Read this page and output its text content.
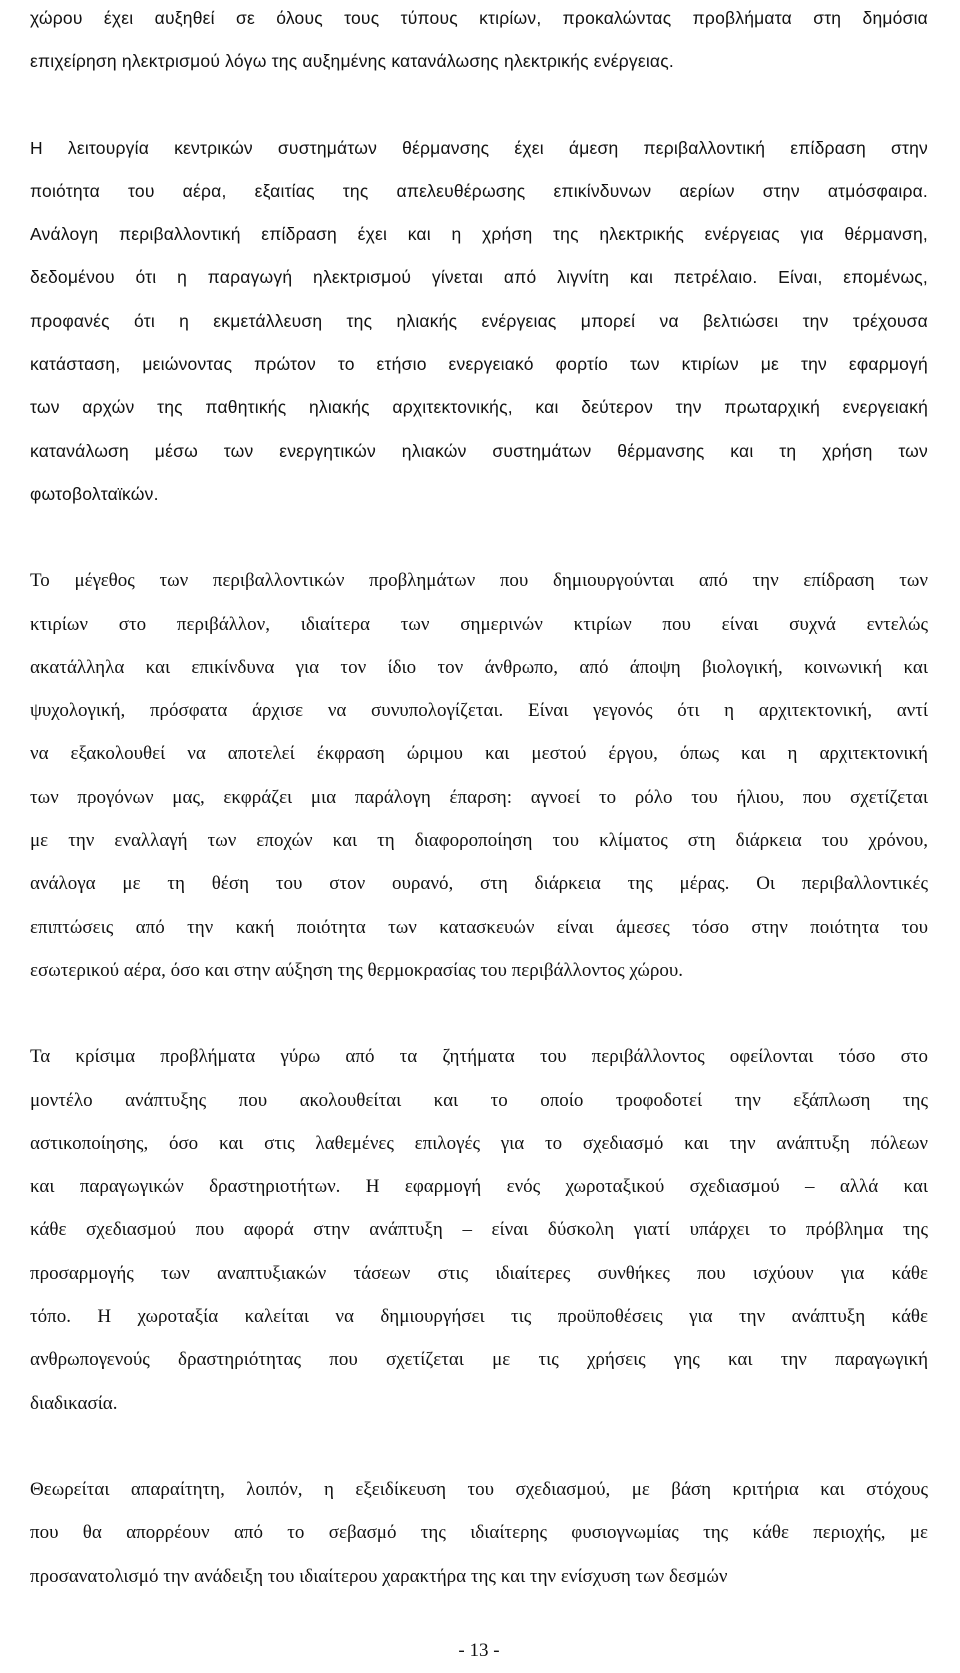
χώρου έχει αυξηθεί σε όλους τους τύπους κτιρίων, προκαλώντας προβλήματα στη δημόσια
επιχείρηση ηλεκτρισμού λόγω της αυξημένης κατανάλωσης ηλεκτρικής ενέργειας.
Η λειτουργία κεντρικών συστημάτων θέρμανσης έχει άμεση περιβαλλοντική επίδραση στην
ποιότητα του αέρα, εξαιτίας της απελευθέρωσης επικίνδυνων αερίων στην ατμόσφαιρα.
Ανάλογη περιβαλλοντική επίδραση έχει και η χρήση της ηλεκτρικής ενέργειας για θέρμανση,
δεδομένου ότι η παραγωγή ηλεκτρισμού γίνεται από λιγνίτη και πετρέλαιο. Είναι, επομένως,
προφανές ότι η εκμετάλλευση της ηλιακής ενέργειας μπορεί να βελτιώσει την τρέχουσα
κατάσταση, μειώνοντας πρώτον το ετήσιο ενεργειακό φορτίο των κτιρίων με την εφαρμογή
των αρχών της παθητικής ηλιακής αρχιτεκτονικής, και δεύτερον την πρωταρχική ενεργειακή
κατανάλωση μέσω των ενεργητικών ηλιακών συστημάτων θέρμανσης και τη χρήση των
φωτοβολταϊκών.
Το μέγεθος των περιβαλλοντικών προβλημάτων που δημιουργούνται από την επίδραση των
κτιρίων στο περιβάλλον, ιδιαίτερα των σημερινών κτιρίων που είναι συχνά εντελώς
ακατάλληλα και επικίνδυνα για τον ίδιο τον άνθρωπο, από άποψη βιολογική, κοινωνική και
ψυχολογική, πρόσφατα άρχισε να συνυπολογίζεται. Είναι γεγονός ότι η αρχιτεκτονική, αντί
να εξακολουθεί να αποτελεί έκφραση ώριμου και μεστού έργου, όπως και η αρχιτεκτονική
των προγόνων μας, εκφράζει μια παράλογη έπαρση: αγνοεί το ρόλο του ήλιου, που σχετίζεται
με την εναλλαγή των εποχών και τη διαφοροποίηση του κλίματος στη διάρκεια του χρόνου,
ανάλογα με τη θέση του στον ουρανό, στη διάρκεια της μέρας. Οι περιβαλλοντικές
επιπτώσεις από την κακή ποιότητα των κατασκευών είναι άμεσες τόσο στην ποιότητα του
εσωτερικού αέρα, όσο και στην αύξηση της θερμοκρασίας του περιβάλλοντος χώρου.
Τα κρίσιμα προβλήματα γύρω από τα ζητήματα του περιβάλλοντος οφείλονται τόσο στο
μοντέλο ανάπτυξης που ακολουθείται και το οποίο τροφοδοτεί την εξάπλωση της
αστικοποίησης, όσο και στις λαθεμένες επιλογές για το σχεδιασμό και την ανάπτυξη πόλεων
και παραγωγικών δραστηριοτήτων. Η εφαρμογή ενός χωροταξικού σχεδιασμού – αλλά και
κάθε σχεδιασμού που αφορά στην ανάπτυξη – είναι δύσκολη γιατί υπάρχει το πρόβλημα της
προσαρμογής των αναπτυξιακών τάσεων στις ιδιαίτερες συνθήκες που ισχύουν για κάθε
τόπο. Η χωροταξία καλείται να δημιουργήσει τις προϋποθέσεις για την ανάπτυξη κάθε
ανθρωπογενούς δραστηριότητας που σχετίζεται με τις χρήσεις γης και την παραγωγική
διαδικασία.
Θεωρείται απαραίτητη, λοιπόν, η εξειδίκευση του σχεδιασμού, με βάση κριτήρια και στόχους
που θα απορρέουν από το σεβασμό της ιδιαίτερης φυσιογνωμίας της κάθε περιοχής, με
προσανατολισμό την ανάδειξη του ιδιαίτερου χαρακτήρα της και την ενίσχυση των δεσμών
- 13 -
